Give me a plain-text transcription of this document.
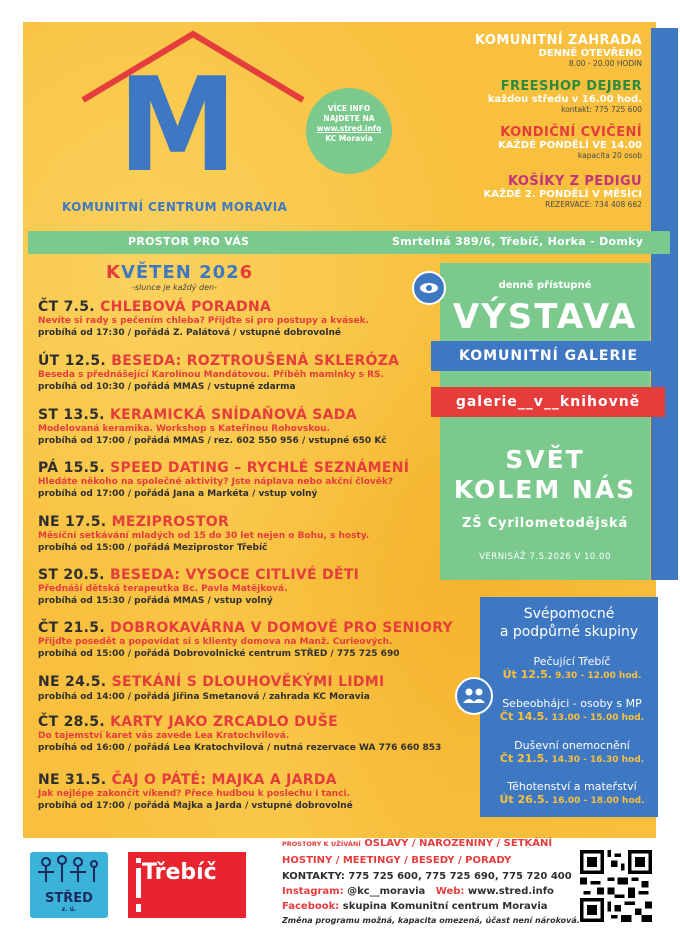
M
KOMUNITNÍ CENTRUM MORAVIA
VÍCE INFO
NAJDETE NA
www.stred.info
KC Moravia
KOMUNITNÍ ZAHRADA
DENNĚ OTEVŘENO
8.00 - 20.00 HODIN
FREESHOP DEJBER
každou středu v 16.00 hod.
kontakt: 775 725 600
KONDIČNÍ CVIČENÍ
KAŽDÉ PONDĚLÍ VE 14.00
kapacita 20 osob
KOŠÍKY Z PEDIGU
KAŽDÉ 2. PONDĚLÍ V MĚSÍCI
REZERVACE: 734 408 662
PROSTOR PRO VÁS	Smrtelná 389/6, Třebíč, Horka - Domky
KVĚTEN 2026
-slunce je každý den-
ČT 7.5. CHLEBOVÁ PORADNA
Nevíte si rady s pečením chleba? Přijďte si pro postupy a kvásek.
probíhá od 17:30 / pořádá Z. Palátová / vstupné dobrovolné
ÚT 12.5. BESEDA: ROZTROUŠENÁ SKLERÓZA
Beseda s přednášející Karolínou Mandátovou. Příběh maminky s RS.
probíhá od 10:30 / pořádá MMAS / vstupné zdarma
ST 13.5. KERAMICKÁ SNÍDAŇOVÁ SADA
Modelovaná keramika. Workshop s Kateřinou Rohovskou.
probíhá od 17:00 / pořádá MMAS / rez. 602 550 956 / vstupné 650 Kč
PÁ 15.5. SPEED DATING – RYCHLÉ SEZNÁMENÍ
Hledáte někoho na společné aktivity? Jste náplava nebo akční člověk?
probíhá od 17:00 / pořádá Jana a Markéta / vstup volný
NE 17.5. MEZIPROSTOR
Měsíční setkávání mladých od 15 do 30 let nejen o Bohu, s hosty.
probíhá od 15:00 / pořádá Meziprostor Třebíč
ST 20.5. BESEDA: VYSOCE CITLIVÉ DĚTI
Přednáší dětská terapeutka Bc. Pavla Matějková.
probíhá od 15:30 / pořádá MMAS / vstup volný
ČT 21.5. DOBROKAVÁRNA V DOMOVĚ PRO SENIORY
Přijďte posedět a popovídat si s klienty domova na Manž. Curieových.
probíhá od 15:00 / pořádá Dobrovolnické centrum STŘED / 775 725 690
NE 24.5. SETKÁNÍ S DLOUHOVĚKÝMI LIDMI
probíhá od 14:00 / pořádá Jiřina Smetanová / zahrada KC Moravia
ČT 28.5. KARTY JAKO ZRCADLO DUŠE
Do tajemství karet vás zavede Lea Kratochvilová.
probíhá od 16:00 / pořádá Lea Kratochvilová / nutná rezervace WA 776 660 853
NE 31.5. ČAJ O PÁTÉ: MAJKA A JARDA
Jak nejlépe zakončit víkend? Přece hudbou k poslechu i tanci.
probíhá od 17:00 / pořádá Majka a Jarda / vstupné dobrovolné
denně přístupné
VÝSTAVA
KOMUNITNÍ GALERIE
galerie__v__knihovně
SVĚT
KOLEM NÁS
ZŠ Cyrilometodějská
VERNISÁŽ 7.5.2026 V 10.00
Svépomocné
a podpůrné skupiny
Pečující Třebíč
Út 12.5. 9.30 - 12.00 hod.
Sebeobhájci - osoby s MP
Čt 14.5. 13.00 - 15.00 hod.
Duševní onemocnění
Čt 21.5. 14.30 - 16.30 hod.
Těhotenství a mateřství
Út 26.5. 16.00 - 18.00 hod.
STŘED
z. ú.
Třebíč
PROSTORY K UŽÍVÁNÍ OSLAVY / NAROZENINY / SETKÁNÍ
HOSTINY / MEETINGY / BESEDY / PORADY
KONTAKTY: 775 725 600, 775 725 690, 775 720 400
Instagram: @kc__moravia Web: www.stred.info
Facebook: skupina Komunitní centrum Moravia
Změna programu možná, kapacita omezená, účast není nároková.
